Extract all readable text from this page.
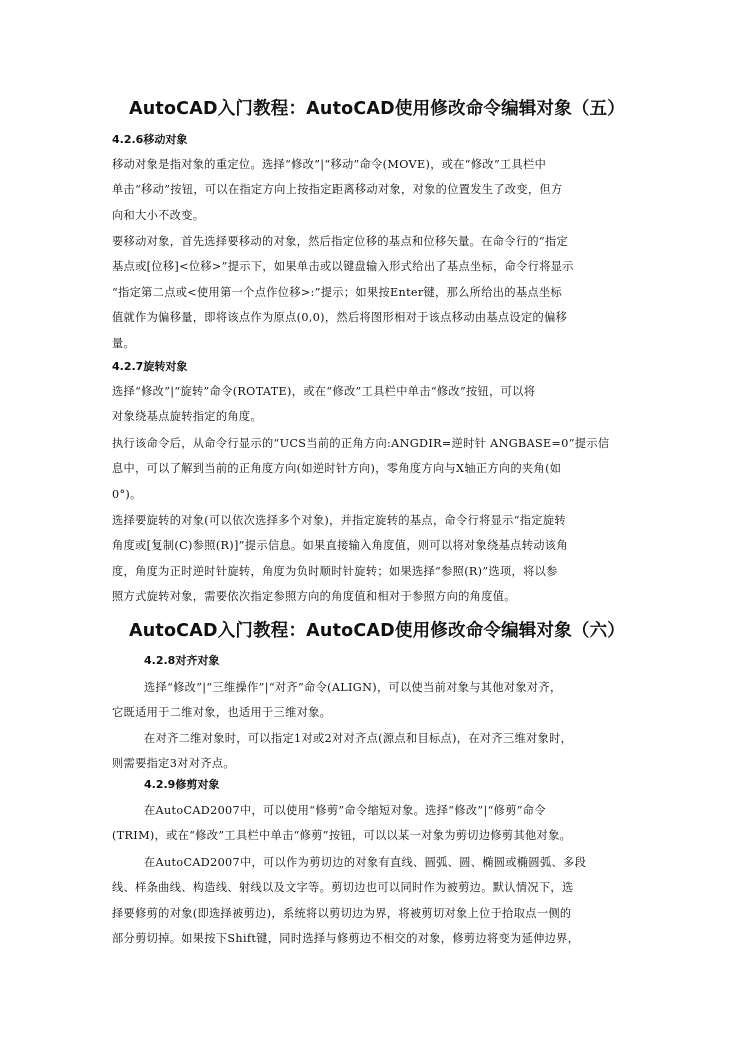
AutoCAD入门教程：AutoCAD使用修改命令编辑对象（五）
4.2.6移动对象
移动对象是指对象的重定位。选择“修改”|“移动”命令(MOVE)，或在“修改”工具栏中
单击“移动”按钮，可以在指定方向上按指定距离移动对象，对象的位置发生了改变，但方
向和大小不改变。
要移动对象，首先选择要移动的对象，然后指定位移的基点和位移矢量。在命令行的“指定
基点或[位移]<位移>”提示下，如果单击或以键盘输入形式给出了基点坐标，命令行将显示
“指定第二点或<使用第一个点作位移>:”提示；如果按Enter键，那么所给出的基点坐标
值就作为偏移量，即将该点作为原点(0,0)，然后将图形相对于该点移动由基点设定的偏移
量。
4.2.7旋转对象
选择“修改”|“旋转”命令(ROTATE)，或在“修改”工具栏中单击“修改”按钮，可以将
对象绕基点旋转指定的角度。
执行该命令后，从命令行显示的“UCS当前的正角方向:ANGDIR=逆时针 ANGBASE=0”提示信
息中，可以了解到当前的正角度方向(如逆时针方向)，零角度方向与X轴正方向的夹角(如
0°)。
选择要旋转的对象(可以依次选择多个对象)，并指定旋转的基点，命令行将显示“指定旋转
角度或[复制(C)参照(R)]”提示信息。如果直接输入角度值，则可以将对象绕基点转动该角
度，角度为正时逆时针旋转，角度为负时顺时针旋转；如果选择“参照(R)”选项，将以参
照方式旋转对象，需要依次指定参照方向的角度值和相对于参照方向的角度值。
AutoCAD入门教程：AutoCAD使用修改命令编辑对象（六）
4.2.8对齐对象
选择“修改”|“三维操作”|“对齐”命令(ALIGN)，可以使当前对象与其他对象对齐，
它既适用于二维对象，也适用于三维对象。
在对齐二维对象时，可以指定1对或2对对齐点(源点和目标点)，在对齐三维对象时，
则需要指定3对对齐点。
4.2.9修剪对象
在AutoCAD2007中，可以使用“修剪”命令缩短对象。选择“修改”|“修剪”命令
(TRIM)，或在“修改”工具栏中单击“修剪”按钮，可以以某一对象为剪切边修剪其他对象。
在AutoCAD2007中，可以作为剪切边的对象有直线、圆弧、圆、椭圆或椭圆弧、多段
线、样条曲线、构造线、射线以及文字等。剪切边也可以同时作为被剪边。默认情况下，选
择要修剪的对象(即选择被剪边)，系统将以剪切边为界，将被剪切对象上位于拾取点一侧的
部分剪切掉。如果按下Shift键，同时选择与修剪边不相交的对象，修剪边将变为延伸边界，
